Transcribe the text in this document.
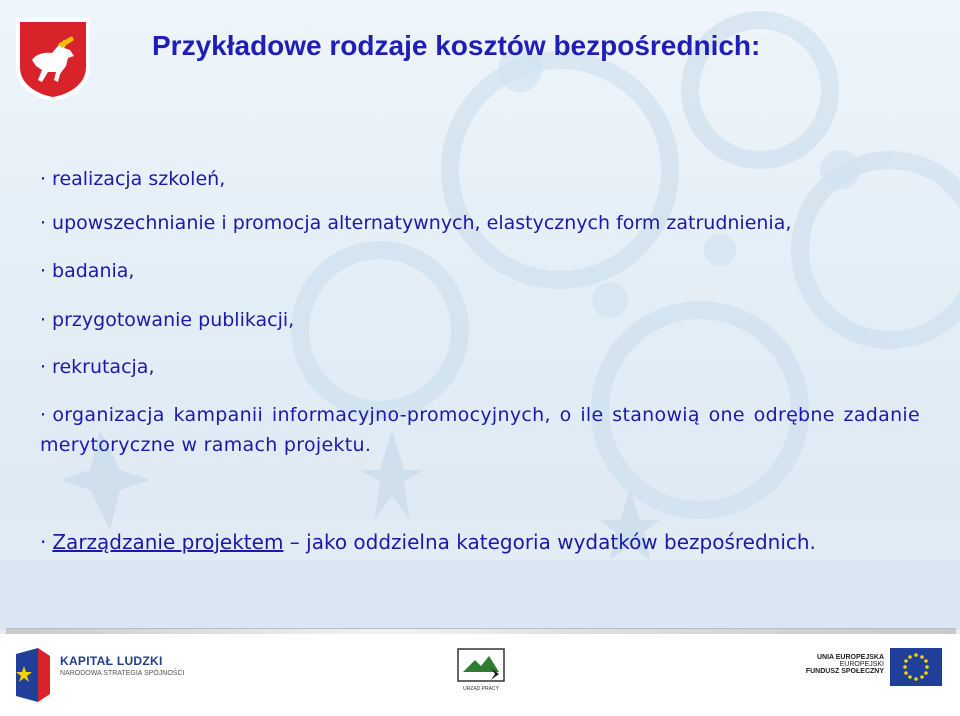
Przykładowe rodzaje kosztów bezpośrednich:
· realizacja szkoleń,
· upowszechnianie i promocja alternatywnych, elastycznych form zatrudnienia,
· badania,
· przygotowanie publikacji,
· rekrutacja,
· organizacja kampanii informacyjno-promocyjnych, o ile stanowią one odrębne zadanie merytoryczne w ramach projektu.
· Zarządzanie projektem – jako oddzielna kategoria wydatków bezpośrednich.
KAPITAŁ LUDZKI
NARODOWA STRATEGIA SPÓJNOŚCI
URZĄD PRACY
UNIA EUROPEJSKA
EUROPEJSKI
FUNDUSZ SPOŁECZNY
